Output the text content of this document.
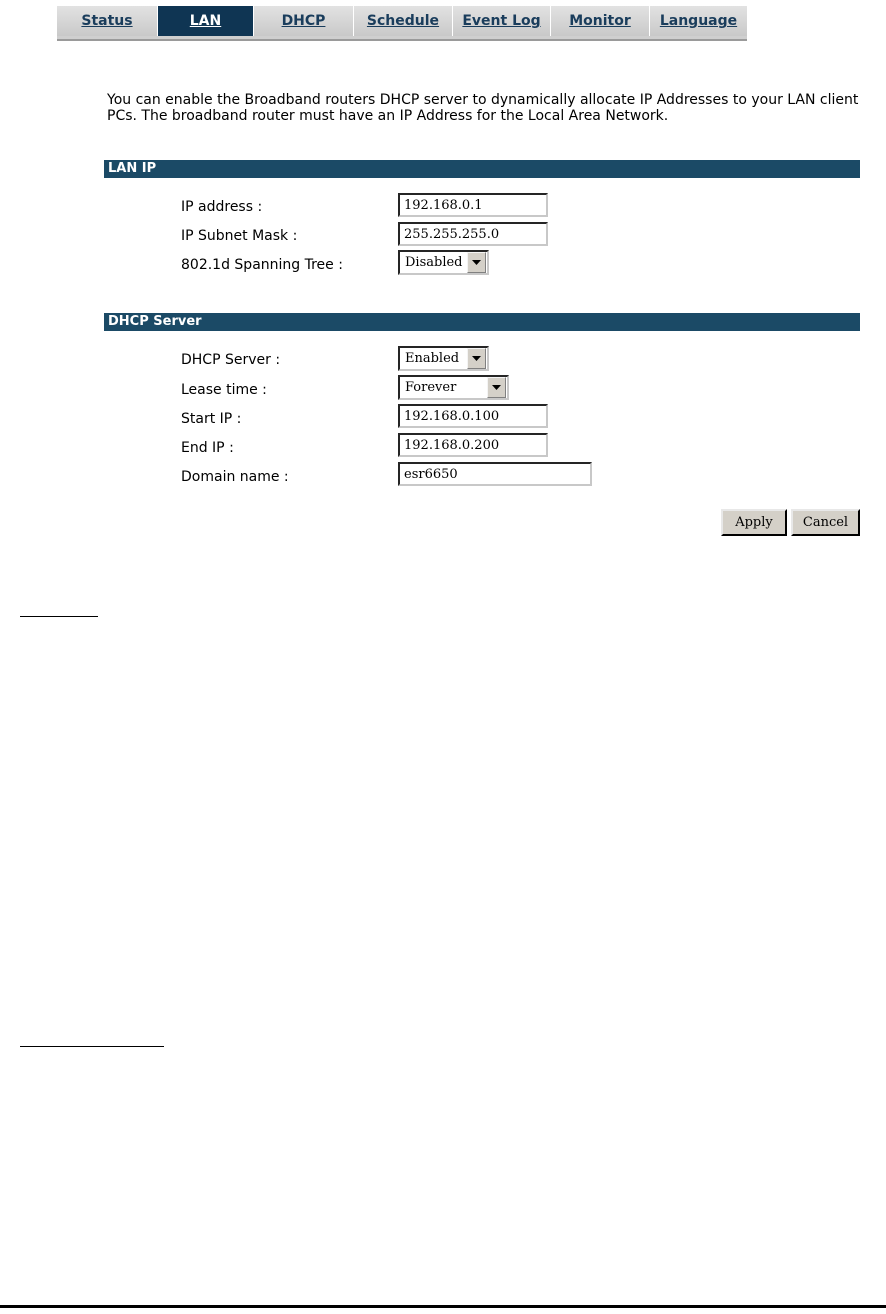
Status	LAN	DHCP	Schedule	Event Log	Monitor	Language

You can enable the Broadband routers DHCP server to dynamically allocate IP Addresses to your LAN client PCs. The broadband router must have an IP Address for the Local Area Network.

LAN IP
IP address :
192.168.0.1
IP Subnet Mask :
255.255.255.0
802.1d Spanning Tree :	Disabled
DHCP Server
DHCP Server :	Enabled
Lease time :	Forever
Start IP :
192.168.0.100
End IP :
192.168.0.200
Domain name :
esr6650
Apply	Cancel
